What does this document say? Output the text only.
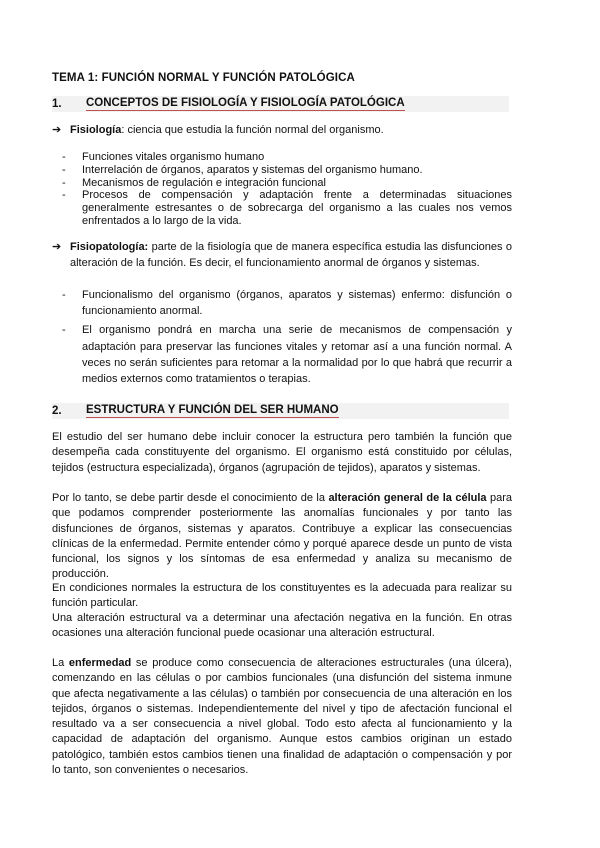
TEMA 1: FUNCIÓN NORMAL Y FUNCIÓN PATOLÓGICA
1. CONCEPTOS DE FISIOLOGÍA Y FISIOLOGÍA PATOLÓGICA
➔ Fisiología: ciencia que estudia la función normal del organismo.
- Funciones vitales organismo humano
- Interrelación de órganos, aparatos y sistemas del organismo humano.
- Mecanismos de regulación e integración funcional
- Procesos de compensación y adaptación frente a determinadas situaciones generalmente estresantes o de sobrecarga del organismo a las cuales nos vemos enfrentados a lo largo de la vida.
➔ Fisiopatología: parte de la fisiología que de manera específica estudia las disfunciones o alteración de la función. Es decir, el funcionamiento anormal de órganos y sistemas.
- Funcionalismo del organismo (órganos, aparatos y sistemas) enfermo: disfunción o funcionamiento anormal.
- El organismo pondrá en marcha una serie de mecanismos de compensación y adaptación para preservar las funciones vitales y retomar así a una función normal. A veces no serán suficientes para retomar a la normalidad por lo que habrá que recurrir a medios externos como tratamientos o terapias.
2. ESTRUCTURA Y FUNCIÓN DEL SER HUMANO

El estudio del ser humano debe incluir conocer la estructura pero también la función que desempeña cada constituyente del organismo. El organismo está constituido por células, tejidos (estructura especializada), órganos (agrupación de tejidos), aparatos y sistemas.

Por lo tanto, se debe partir desde el conocimiento de la alteración general de la célula para que podamos comprender posteriormente las anomalías funcionales y por tanto las disfunciones de órganos, sistemas y aparatos. Contribuye a explicar las consecuencias clínicas de la enfermedad. Permite entender cómo y porqué aparece desde un punto de vista funcional, los signos y los síntomas de esa enfermedad y analiza su mecanismo de producción.

En condiciones normales la estructura de los constituyentes es la adecuada para realizar su función particular.

Una alteración estructural va a determinar una afectación negativa en la función. En otras ocasiones una alteración funcional puede ocasionar una alteración estructural.

La enfermedad se produce como consecuencia de alteraciones estructurales (una úlcera), comenzando en las células o por cambios funcionales (una disfunción del sistema inmune que afecta negativamente a las células) o también por consecuencia de una alteración en los tejidos, órganos o sistemas. Independientemente del nivel y tipo de afectación funcional el resultado va a ser consecuencia a nivel global. Todo esto afecta al funcionamiento y la capacidad de adaptación del organismo. Aunque estos cambios originan un estado patológico, también estos cambios tienen una finalidad de adaptación o compensación y por lo tanto, son convenientes o necesarios.
